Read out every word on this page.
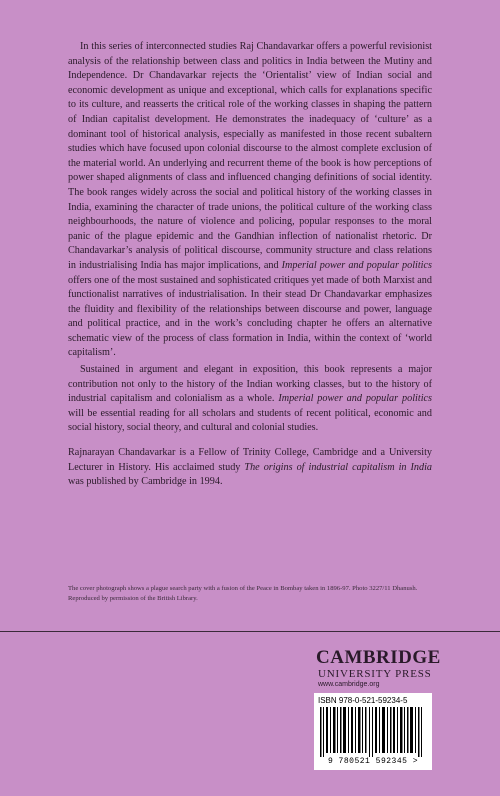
In this series of interconnected studies Raj Chandavarkar offers a powerful revisionist analysis of the relationship between class and politics in India between the Mutiny and Independence. Dr Chandavarkar rejects the ‘Orientalist’ view of Indian social and economic development as unique and exceptional, which calls for explanations specific to its culture, and reasserts the critical role of the working classes in shaping the pattern of Indian capitalist development. He demonstrates the inadequacy of ‘culture’ as a dominant tool of historical analysis, especially as manifested in those recent subaltern studies which have focused upon colonial discourse to the almost complete exclusion of the material world. An underlying and recurrent theme of the book is how perceptions of power shaped alignments of class and influenced changing definitions of social identity. The book ranges widely across the social and political history of the working classes in India, examining the character of trade unions, the political culture of the working class neighbourhoods, the nature of violence and policing, popular responses to the moral panic of the plague epidemic and the Gandhian inflection of nationalist rhetoric. Dr Chandavarkar’s analysis of political discourse, community structure and class relations in industrialising India has major implications, and Imperial power and popular politics offers one of the most sustained and sophisticated critiques yet made of both Marxist and functionalist narratives of industrialisation. In their stead Dr Chandavarkar emphasizes the fluidity and flexibility of the relationships between discourse and power, language and political practice, and in the work’s concluding chapter he offers an alternative schematic view of the process of class formation in India, within the context of ‘world capitalism’.

Sustained in argument and elegant in exposition, this book represents a major contribution not only to the history of the Indian working classes, but to the history of industrial capitalism and colonialism as a whole. Imperial power and popular politics will be essential reading for all scholars and students of recent political, economic and social history, social theory, and cultural and colonial studies.

Rajnarayan Chandavarkar is a Fellow of Trinity College, Cambridge and a University Lecturer in History. His acclaimed study The origins of industrial capitalism in India was published by Cambridge in 1994.

The cover photograph shows a plague search party with a fusion of the Peace in Bombay taken in 1896-97. Photo 3227/11 Dhanush. Reproduced by permission of the British Library.
CAMBRIDGE
UNIVERSITY PRESS
www.cambridge.org
ISBN 978-0-521-59234-5
9 780521 592345 >
